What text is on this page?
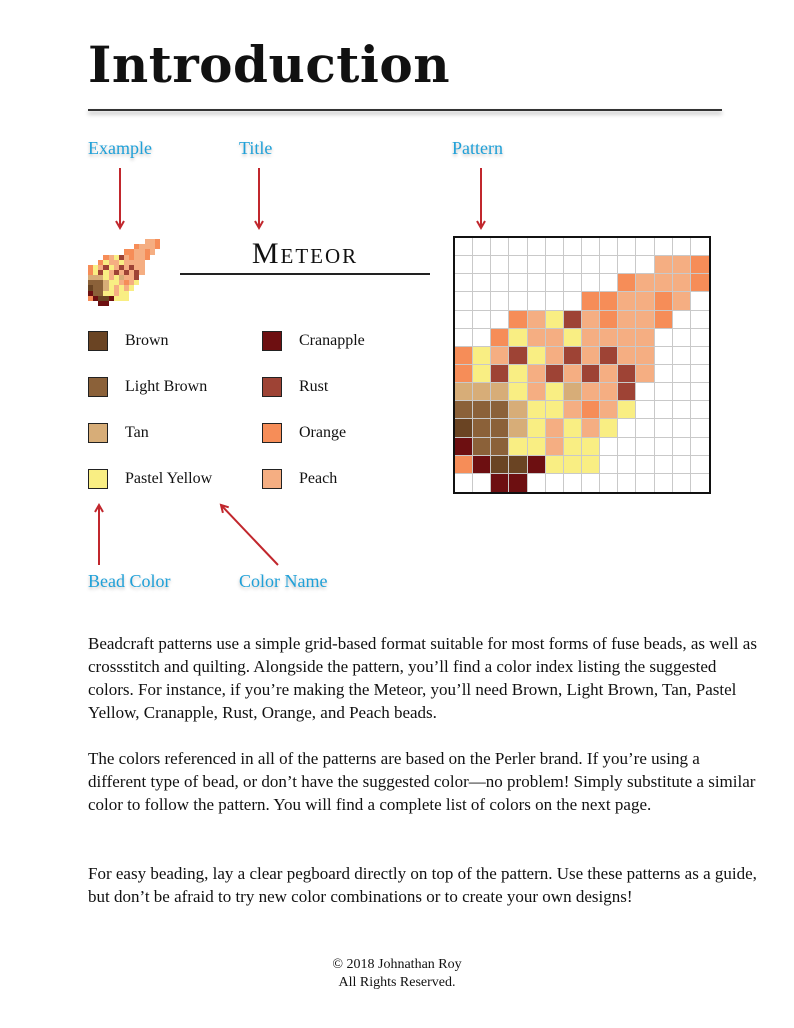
Introduction
Example	Title	Pattern
Bead Color	Color Name
Meteor
Brown
Light Brown
Tan
Pastel Yellow
Cranapple
Rust
Orange
Peach

Beadcraft patterns use a simple grid-based format suitable for most forms of fuse beads, as well as crossstitch and quilting. Alongside the pattern, you’ll find a color index listing the suggested colors. For instance, if you’re making the Meteor, you’ll need Brown, Light Brown, Tan, Pastel Yellow, Cranapple, Rust, Orange, and Peach beads.

The colors referenced in all of the patterns are based on the Perler brand. If you’re using a different type of bead, or don’t have the suggested color—no problem! Simply substitute a similar color to follow the pattern. You will find a complete list of colors on the next page.

For easy beading, lay a clear pegboard directly on top of the pattern. Use these patterns as a guide, but don’t be afraid to try new color combinations or to create your own designs!

© 2018 Johnathan Roy
All Rights Reserved.
